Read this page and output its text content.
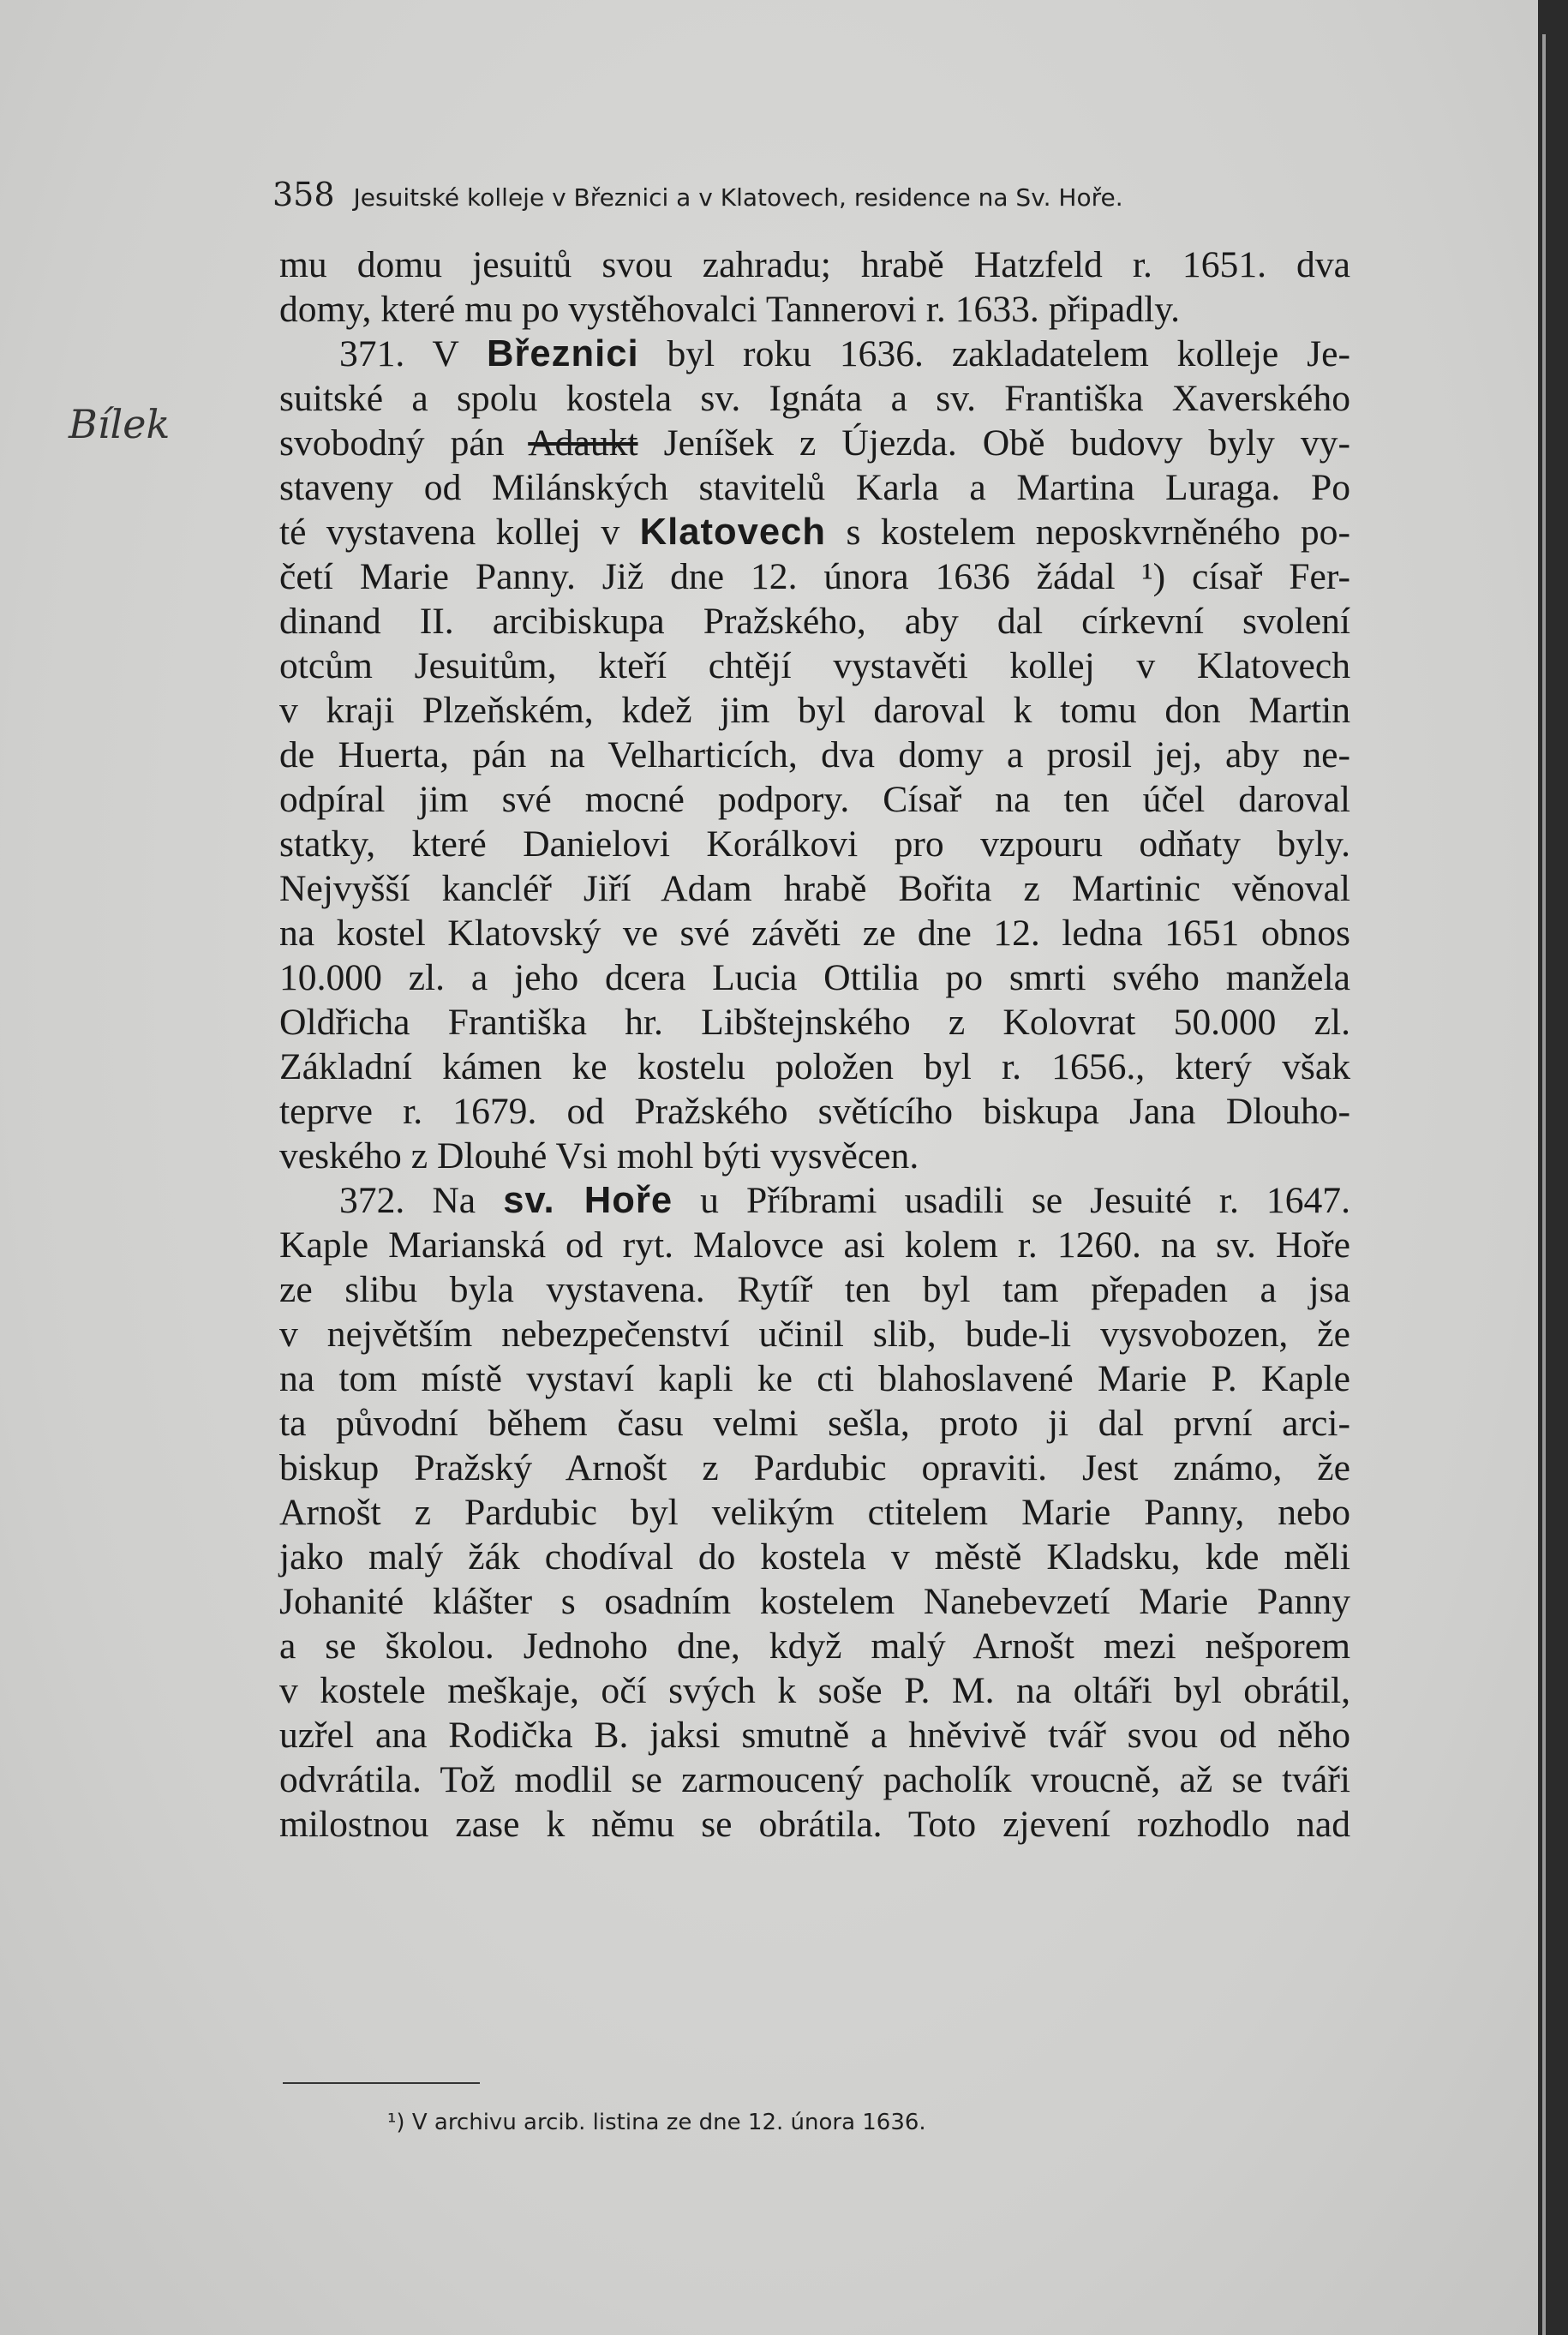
358 Jesuitské kolleje v Březnici a v Klatovech, residence na Sv. Hoře.
Bílek
mu domu jesuitů svou zahradu; hrabě Hatzfeld r. 1651. dva
domy, které mu po vystěhovalci Tannerovi r. 1633. připadly.
371. V Březnici byl roku 1636. zakladatelem kolleje Je-
suitské a spolu kostela sv. Ignáta a sv. Františka Xaverského
svobodný pán Adaukt Jeníšek z Újezda. Obě budovy byly vy-
staveny od Milánských stavitelů Karla a Martina Luraga. Po
té vystavena kollej v Klatovech s kostelem neposkvrněného po-
četí Marie Panny. Již dne 12. února 1636 žádal ¹) císař Fer-
dinand II. arcibiskupa Pražského, aby dal církevní svolení
otcům Jesuitům, kteří chtějí vystavěti kollej v Klatovech
v kraji Plzeňském, kdež jim byl daroval k tomu don Martin
de Huerta, pán na Velharticích, dva domy a prosil jej, aby ne-
odpíral jim své mocné podpory. Císař na ten účel daroval
statky, které Danielovi Korálkovi pro vzpouru odňaty byly.
Nejvyšší kancléř Jiří Adam hrabě Bořita z Martinic věnoval
na kostel Klatovský ve své závěti ze dne 12. ledna 1651 obnos
10.000 zl. a jeho dcera Lucia Ottilia po smrti svého manžela
Oldřicha Františka hr. Libštejnského z Kolovrat 50.000 zl.
Základní kámen ke kostelu položen byl r. 1656., který však
teprve r. 1679. od Pražského světícího biskupa Jana Dlouho-
veského z Dlouhé Vsi mohl býti vysvěcen.
372. Na sv. Hoře u Příbrami usadili se Jesuité r. 1647.
Kaple Marianská od ryt. Malovce asi kolem r. 1260. na sv. Hoře
ze slibu byla vystavena. Rytíř ten byl tam přepaden a jsa
v největším nebezpečenství učinil slib, bude-li vysvobozen, že
na tom místě vystaví kapli ke cti blahoslavené Marie P. Kaple
ta původní během času velmi sešla, proto ji dal první arci-
biskup Pražský Arnošt z Pardubic opraviti. Jest známo, že
Arnošt z Pardubic byl velikým ctitelem Marie Panny, nebo
jako malý žák chodíval do kostela v městě Kladsku, kde měli
Johanité klášter s osadním kostelem Nanebevzetí Marie Panny
a se školou. Jednoho dne, když malý Arnošt mezi nešporem
v kostele meškaje, očí svých k soše P. M. na oltáři byl obrátil,
uzřel ana Rodička B. jaksi smutně a hněvivě tvář svou od něho
odvrátila. Tož modlil se zarmoucený pacholík vroucně, až se tváři
milostnou zase k němu se obrátila. Toto zjevení rozhodlo nad
¹) V archivu arcib. listina ze dne 12. února 1636.
